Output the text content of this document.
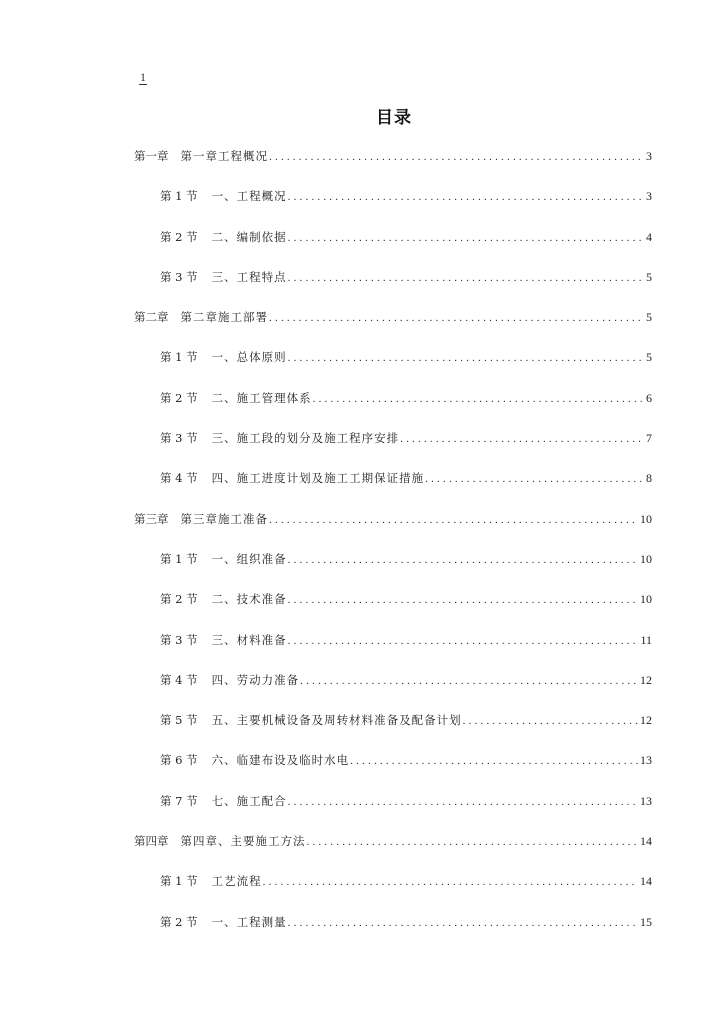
1
目录
第一章 第一章工程概况 .....	3
第 1 节 一、工程概况 .....	3
第 2 节 二、编制依据 .....	4
第 3 节 三、工程特点 .....	5
第二章 第二章施工部署 .....	5
第 1 节 一、总体原则 .....	5
第 2 节 二、施工管理体系 .....	6
第 3 节 三、施工段的划分及施工程序安排 .....	7
第 4 节 四、施工进度计划及施工工期保证措施 .....	8
第三章 第三章施工准备 .....	10
第 1 节 一、组织准备 .....	10
第 2 节 二、技术准备 .....	10
第 3 节 三、材料准备 .....	11
第 4 节 四、劳动力准备 .....	12
第 5 节 五、主要机械设备及周转材料准备及配备计划 .....	12
第 6 节 六、临建布设及临时水电 .....	13
第 7 节 七、施工配合 .....	13
第四章 第四章、主要施工方法 .....	14
第 1 节 工艺流程 .....	14
第 2 节 一、工程测量 .....	15
